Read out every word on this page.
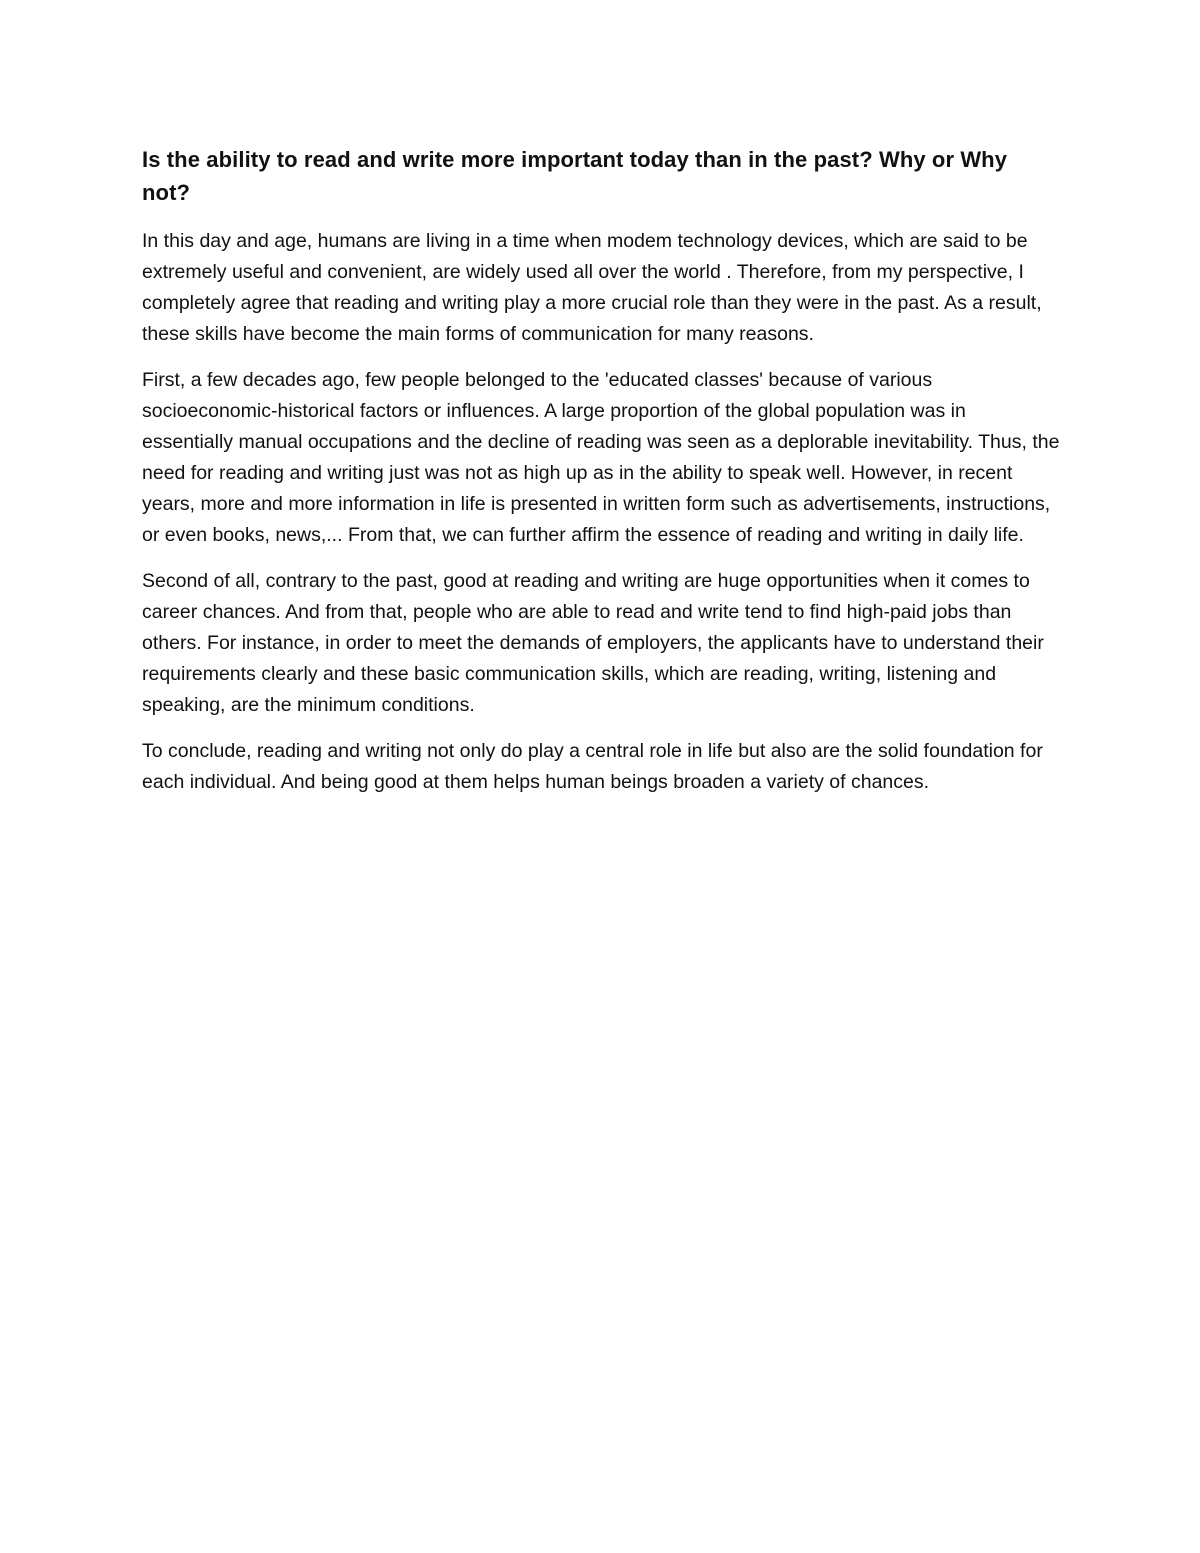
Is the ability to read and write more important today than in the past? Why or Why not?

In this day and age, humans are living in a time when modem technology devices, which are said to be extremely useful and convenient, are widely used all over the world . Therefore, from my perspective, I completely agree that reading and writing play a more crucial role than they were in the past. As a result, these skills have become the main forms of communication for many reasons.

First, a few decades ago, few people belonged to the 'educated classes' because of various socioeconomic-historical factors or influences. A large proportion of the global population was in essentially manual occupations and the decline of reading was seen as a deplorable inevitability. Thus, the need for reading and writing just was not as high up as in the ability to speak well. However, in recent years, more and more information in life is presented in written form such as advertisements, instructions, or even books, news,... From that, we can further affirm the essence of reading and writing in daily life.

Second of all, contrary to the past, good at reading and writing are huge opportunities when it comes to career chances. And from that, people who are able to read and write tend to find high-paid jobs than others. For instance, in order to meet the demands of employers, the applicants have to understand their requirements clearly and these basic communication skills, which are reading, writing, listening and speaking, are the minimum conditions.

To conclude, reading and writing not only do play a central role in life but also are the solid foundation for each individual. And being good at them helps human beings broaden a variety of chances.
